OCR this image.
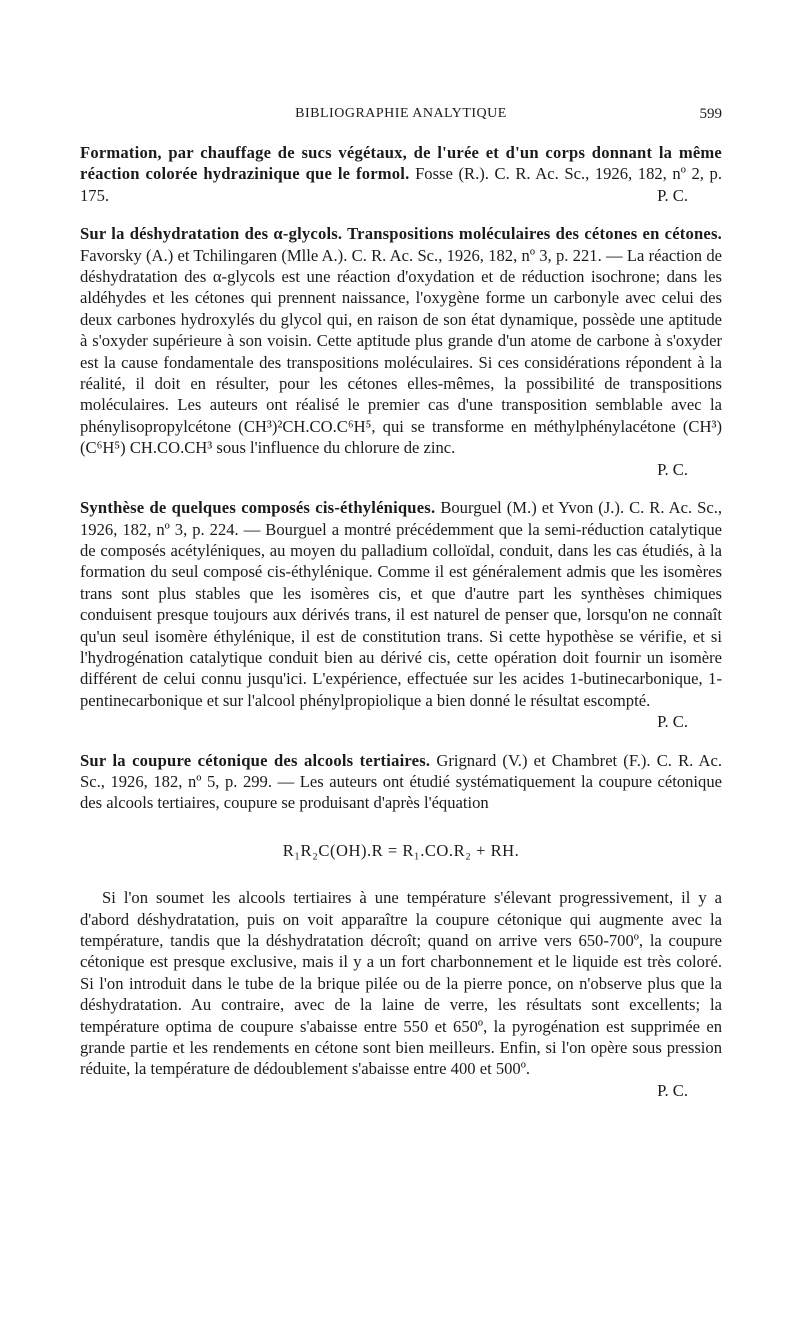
BIBLIOGRAPHIE ANALYTIQUE	599

Formation, par chauffage de sucs végétaux, de l'urée et d'un corps donnant la même réaction colorée hydrazinique que le formol. Fosse (R.). C. R. Ac. Sc., 1926, 182, nº 2, p. 175.	P. C.

Sur la déshydratation des α-glycols. Transpositions moléculaires des cétones en cétones. Favorsky (A.) et Tchilingaren (Mlle A.). C. R. Ac. Sc., 1926, 182, nº 3, p. 221. — La réaction de déshydratation des α-glycols est une réaction d'oxydation et de réduction isochrone; dans les aldéhydes et les cétones qui prennent naissance, l'oxygène forme un carbonyle avec celui des deux carbones hydroxylés du glycol qui, en raison de son état dynamique, possède une aptitude à s'oxyder supérieure à son voisin. Cette aptitude plus grande d'un atome de carbone à s'oxyder est la cause fondamentale des transpositions moléculaires. Si ces considérations répondent à la réalité, il doit en résulter, pour les cétones elles-mêmes, la possibilité de transpositions moléculaires. Les auteurs ont réalisé le premier cas d'une transposition semblable avec la phénylisopropylcétone (CH³)²CH.CO.C⁶H⁵, qui se transforme en méthylphénylacétone (CH³)(C⁶H⁵) CH.CO.CH³ sous l'influence du chlorure de zinc.

P. C.

Synthèse de quelques composés cis-éthyléniques. Bourguel (M.) et Yvon (J.). C. R. Ac. Sc., 1926, 182, nº 3, p. 224. — Bourguel a montré précédemment que la semi-réduction catalytique de composés acétyléniques, au moyen du palladium colloïdal, conduit, dans les cas étudiés, à la formation du seul composé cis-éthylénique. Comme il est généralement admis que les isomères trans sont plus stables que les isomères cis, et que d'autre part les synthèses chimiques conduisent presque toujours aux dérivés trans, il est naturel de penser que, lorsqu'on ne connaît qu'un seul isomère éthylénique, il est de constitution trans. Si cette hypothèse se vérifie, et si l'hydrogénation catalytique conduit bien au dérivé cis, cette opération doit fournir un isomère différent de celui connu jusqu'ici. L'expérience, effectuée sur les acides 1-butinecarbonique, 1-pentinecarbonique et sur l'alcool phénylpropiolique a bien donné le résultat escompté.

P. C.

Sur la coupure cétonique des alcools tertiaires. Grignard (V.) et Chambret (F.). C. R. Ac. Sc., 1926, 182, nº 5, p. 299. — Les auteurs ont étudié systématiquement la coupure cétonique des alcools tertiaires, coupure se produisant d'après l'équation

R₁R₂C(OH).R = R₁.CO.R₂ + RH.

Si l'on soumet les alcools tertiaires à une température s'élevant progressivement, il y a d'abord déshydratation, puis on voit apparaître la coupure cétonique qui augmente avec la température, tandis que la déshydratation décroît; quand on arrive vers 650-700º, la coupure cétonique est presque exclusive, mais il y a un fort charbonnement et le liquide est très coloré. Si l'on introduit dans le tube de la brique pilée ou de la pierre ponce, on n'observe plus que la déshydratation. Au contraire, avec de la laine de verre, les résultats sont excellents; la température optima de coupure s'abaisse entre 550 et 650º, la pyrogénation est supprimée en grande partie et les rendements en cétone sont bien meilleurs. Enfin, si l'on opère sous pression réduite, la température de dédoublement s'abaisse entre 400 et 500º.

P. C.
